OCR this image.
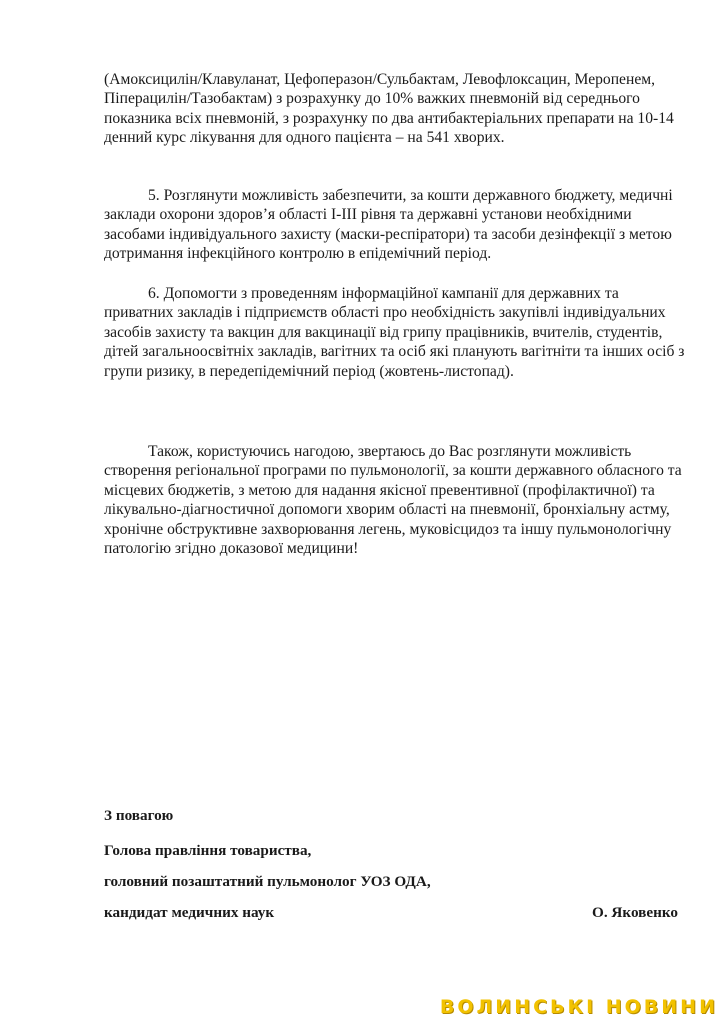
(Амоксицилін/Клавуланат, Цефоперазон/Сульбактам, Левофлоксацин, Меропенем, Піперацилін/Тазобактам) з розрахунку до 10% важких пневмоній від середнього показника всіх пневмоній, з розрахунку по два антибактеріальних препарати на 10-14 денний курс лікування для одного пацієнта – на 541 хворих.

5. Розглянути можливість забезпечити, за кошти державного бюджету, медичні заклади охорони здоров’я області І-ІІІ рівня та державні установи необхідними засобами індивідуального захисту (маски-респіратори) та засоби дезінфекції з метою дотримання інфекційного контролю в епідемічний період.

6. Допомогти з проведенням інформаційної кампанії для державних та приватних закладів і підприємств області про необхідність закупівлі індивідуальних засобів захисту та вакцин для вакцинації від грипу працівників, вчителів, студентів, дітей загальноосвітніх закладів, вагітних та осіб які планують вагітніти та інших осіб з групи ризику, в передепідемічний період (жовтень-листопад).

Також, користуючись нагодою, звертаюсь до Вас розглянути можливість створення регіональної програми по пульмонології, за кошти державного обласного та місцевих бюджетів, з метою для надання якісної превентивної (профілактичної) та лікувально-діагностичної допомоги хворим області на пневмонії, бронхіальну астму, хронічне обструктивне захворювання легень, муковісцидоз та іншу пульмонологічну патологію згідно доказової медицини!

З повагою

Голова правління товариства,

головний позаштатний пульмонолог УОЗ ОДА,

кандидат медичних наук	О. Яковенко

ВОЛИНСЬКІ НОВИНИ
